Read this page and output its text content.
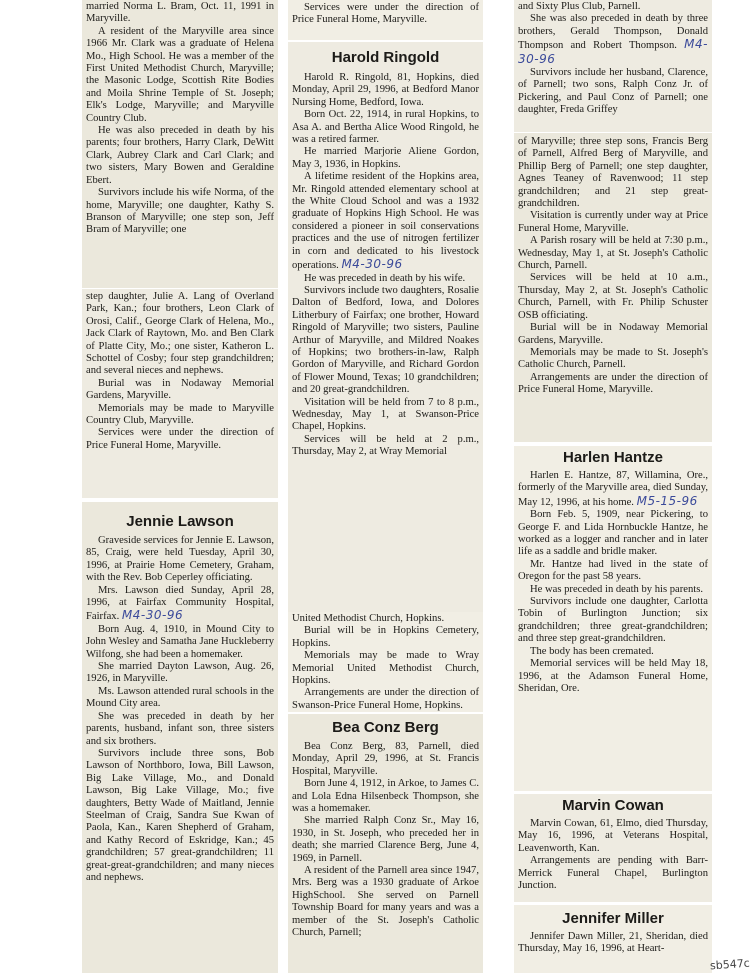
married Norma L. Bram, Oct. 11, 1991 in Maryville.

A resident of the Maryville area since 1966 Mr. Clark was a graduate of Helena Mo., High School. He was a member of the First United Methodist Church, Maryville; the Masonic Lodge, Scottish Rite Bodies and Moila Shrine Temple of St. Joseph; Elk's Lodge, Maryville; and Maryville Country Club.

He was also preceded in death by his parents; four brothers, Harry Clark, DeWitt Clark, Aubrey Clark and Carl Clark; and two sisters, Mary Bowen and Geraldine Ebert.

Survivors include his wife Norma, of the home, Maryville; one daughter, Kathy S. Branson of Maryville; one step son, Jeff Bram of Maryville; one

step daughter, Julie A. Lang of Overland Park, Kan.; four brothers, Leon Clark of Orosi, Calif., George Clark of Helena, Mo., Jack Clark of Raytown, Mo. and Ben Clark of Platte City, Mo.; one sister, Katheron L. Schottel of Cosby; four step grandchildren; and several nieces and nephews.

Burial was in Nodaway Memorial Gardens, Maryville.

Memorials may be made to Maryville Country Club, Maryville.

Services were under the direction of Price Funeral Home, Maryville.

Jennie Lawson

Graveside services for Jennie E. Lawson, 85, Craig, were held Tuesday, April 30, 1996, at Prairie Home Cemetery, Graham, with the Rev. Bob Ceperley officiating.

Mrs. Lawson died Sunday, April 28, 1996, at Fairfax Community Hospital, Fairfax. M4-30-96

Born Aug. 4, 1910, in Mound City to John Wesley and Samatha Jane Huckleberry Wilfong, she had been a homemaker.

She married Dayton Lawson, Aug. 26, 1926, in Maryville.

Ms. Lawson attended rural schools in the Mound City area.

She was preceded in death by her parents, husband, infant son, three sisters and six brothers.

Survivors include three sons, Bob Lawson of Northboro, Iowa, Bill Lawson, Big Lake Village, Mo., and Donald Lawson, Big Lake Village, Mo.; five daughters, Betty Wade of Maitland, Jennie Steelman of Craig, Sandra Sue Kwan of Paola, Kan., Karen Shepherd of Graham, and Kathy Record of Eskridge, Kan.; 45 grandchildren; 57 great-grandchildren; 11 great-great-grandchildren; and many nieces and nephews.

Services were under the direction of Price Funeral Home, Maryville.

Harold Ringold

Harold R. Ringold, 81, Hopkins, died Monday, April 29, 1996, at Bedford Manor Nursing Home, Bedford, Iowa.

Born Oct. 22, 1914, in rural Hopkins, to Asa A. and Bertha Alice Wood Ringold, he was a retired farmer.

He married Marjorie Aliene Gordon, May 3, 1936, in Hopkins.

A lifetime resident of the Hopkins area, Mr. Ringold attended elementary school at the White Cloud School and was a 1932 graduate of Hopkins High School. He was considered a pioneer in soil conservations practices and the use of nitrogen fertilizer in corn and dedicated to his livestock operations. M4-30-96

He was preceded in death by his wife.

Survivors include two daughters, Rosalie Dalton of Bedford, Iowa, and Dolores Litherbury of Fairfax; one brother, Howard Ringold of Maryville; two sisters, Pauline Arthur of Maryville, and Mildred Noakes of Hopkins; two brothers-in-law, Ralph Gordon of Maryville, and Richard Gordon of Flower Mound, Texas; 10 grandchildren; and 20 great-grandchildren.

Visitation will be held from 7 to 8 p.m., Wednesday, May 1, at Swanson-Price Chapel, Hopkins.

Services will be held at 2 p.m., Thursday, May 2, at Wray Memorial

United Methodist Church, Hopkins.

Burial will be in Hopkins Cemetery, Hopkins.

Memorials may be made to Wray Memorial United Methodist Church, Hopkins.

Arrangements are under the direction of Swanson-Price Funeral Home, Hopkins.

Bea Conz Berg

Bea Conz Berg, 83, Parnell, died Monday, April 29, 1996, at St. Francis Hospital, Maryville.

Born June 4, 1912, in Arkoe, to James C. and Lola Edna Hilsenbeck Thompson, she was a homemaker.

She married Ralph Conz Sr., May 16, 1930, in St. Joseph, who preceded her in death; she married Clarence Berg, June 4, 1969, in Parnell.

A resident of the Parnell area since 1947, Mrs. Berg was a 1930 graduate of Arkoe HighSchool. She served on Parnell Township Board for many years and was a member of the St. Joseph's Catholic Church, Parnell;

and Sixty Plus Club, Parnell.

She was also preceded in death by three brothers, Gerald Thompson, Donald Thompson and Robert Thompson. M4-30-96

Survivors include her husband, Clarence, of Parnell; two sons, Ralph Conz Jr. of Pickering, and Paul Conz of Parnell; one daughter, Freda Griffey

of Maryville; three step sons, Francis Berg of Parnell, Alfred Berg of Maryville, and Phillip Berg of Parnell; one step daughter, Agnes Teaney of Ravenwood; 11 step grandchildren; and 21 step great-grandchildren.

Visitation is currently under way at Price Funeral Home, Maryville.

A Parish rosary will be held at 7:30 p.m., Wednesday, May 1, at St. Joseph's Catholic Church, Parnell.

Services will be held at 10 a.m., Thursday, May 2, at St. Joseph's Catholic Church, Parnell, with Fr. Philip Schuster OSB officiating.

Burial will be in Nodaway Memorial Gardens, Maryville.

Memorials may be made to St. Joseph's Catholic Church, Parnell.

Arrangements are under the direction of Price Funeral Home, Maryville.

Harlen Hantze

Harlen E. Hantze, 87, Willamina, Ore., formerly of the Maryville area, died Sunday, May 12, 1996, at his home. M5-15-96

Born Feb. 5, 1909, near Pickering, to George F. and Lida Hornbuckle Hantze, he worked as a logger and rancher and in later life as a saddle and bridle maker.

Mr. Hantze had lived in the state of Oregon for the past 58 years.

He was preceded in death by his parents.

Survivors include one daughter, Carlotta Tobin of Burlington Junction; six grandchildren; three great-grandchildren; and three step great-grandchildren.

The body has been cremated.

Memorial services will be held May 18, 1996, at the Adamson Funeral Home, Sheridan, Ore.

Marvin Cowan

Marvin Cowan, 61, Elmo, died Thursday, May 16, 1996, at Veterans Hospital, Leavenworth, Kan.

Arrangements are pending with Barr-Merrick Funeral Chapel, Burlington Junction.

Jennifer Miller

Jennifer Dawn Miller, 21, Sheridan, died Thursday, May 16, 1996, at Heart-

sb547c
